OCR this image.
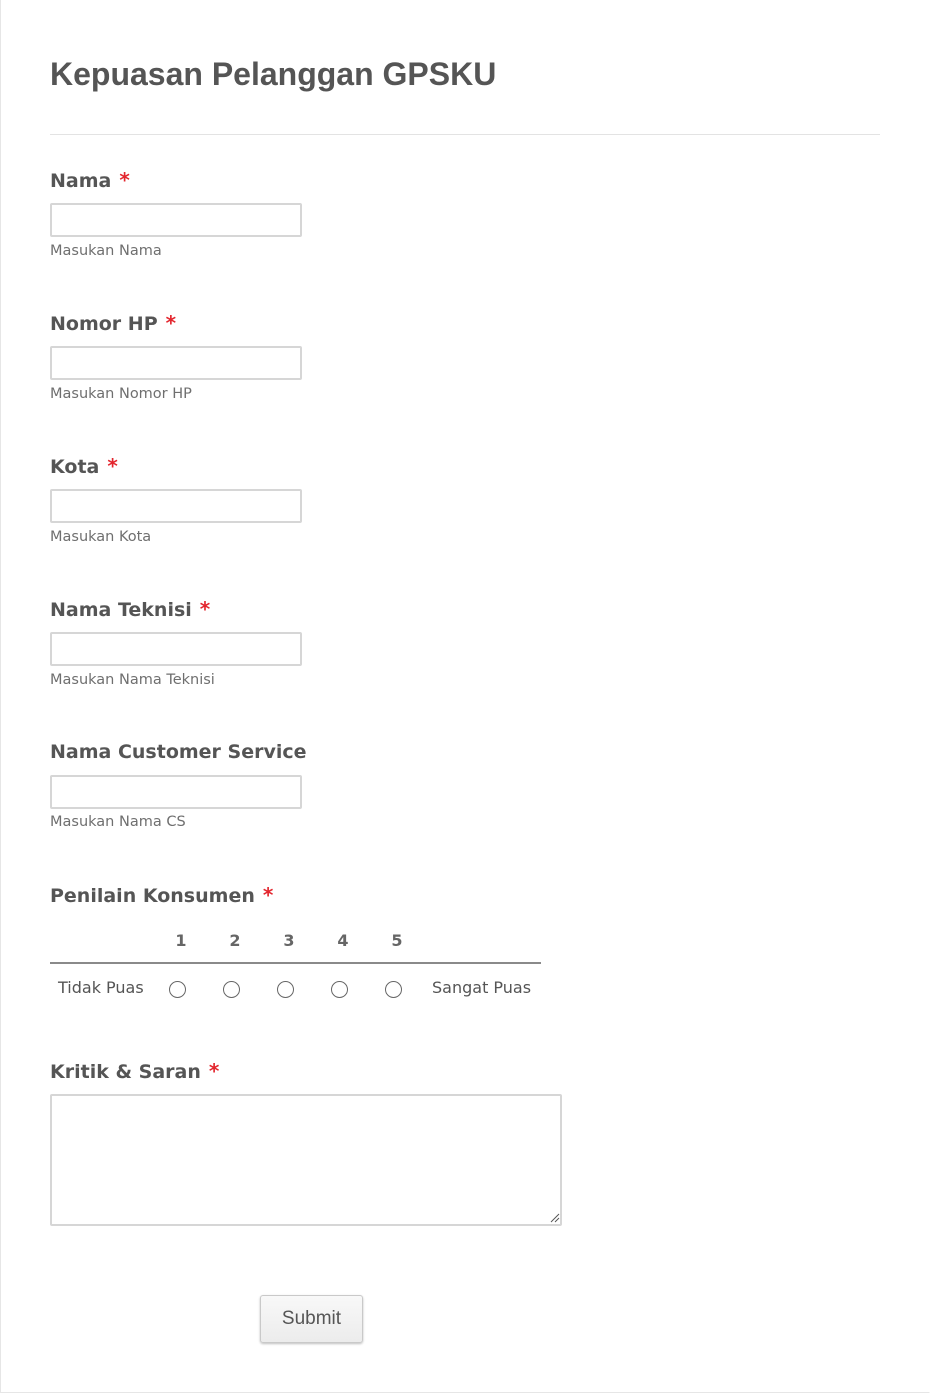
Kepuasan Pelanggan GPSKU
Nama *
Masukan Nama
Nomor HP *
Masukan Nomor HP
Kota *
Masukan Kota
Nama Teknisi *
Masukan Nama Teknisi
Nama Customer Service
Masukan Nama CS
Penilain Konsumen *
1	2	3	4	5
Tidak Puas	Sangat Puas
Kritik & Saran *
Submit
